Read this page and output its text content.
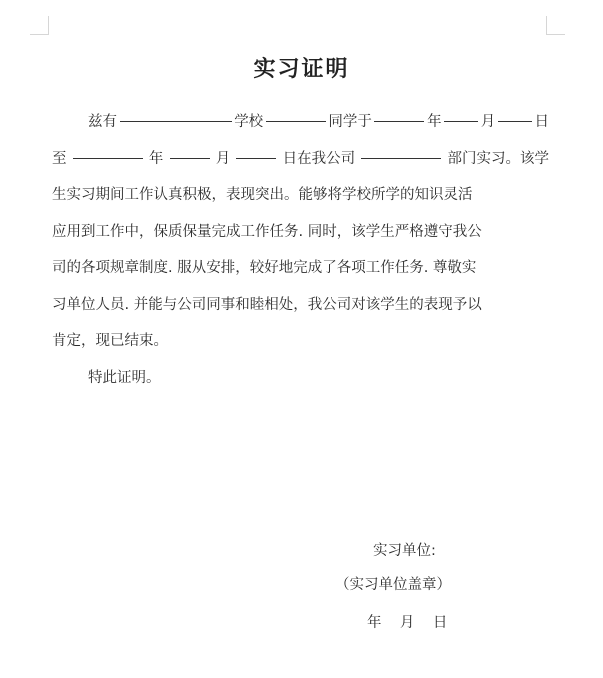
实习证明
兹有	学校	同学于	年	月	日
至	年	月	日在我公司	部门实习。该学
生实习期间工作认真积极，表现突出。能够将学校所学的知识灵活
应用到工作中，保质保量完成工作任务. 同时，该学生严格遵守我公
司的各项规章制度. 服从安排，较好地完成了各项工作任务. 尊敬实
习单位人员. 并能与公司同事和睦相处，我公司对该学生的表现予以
肯定，现已结束。
特此证明。
实习单位:
（实习单位盖章）
年    月    日
